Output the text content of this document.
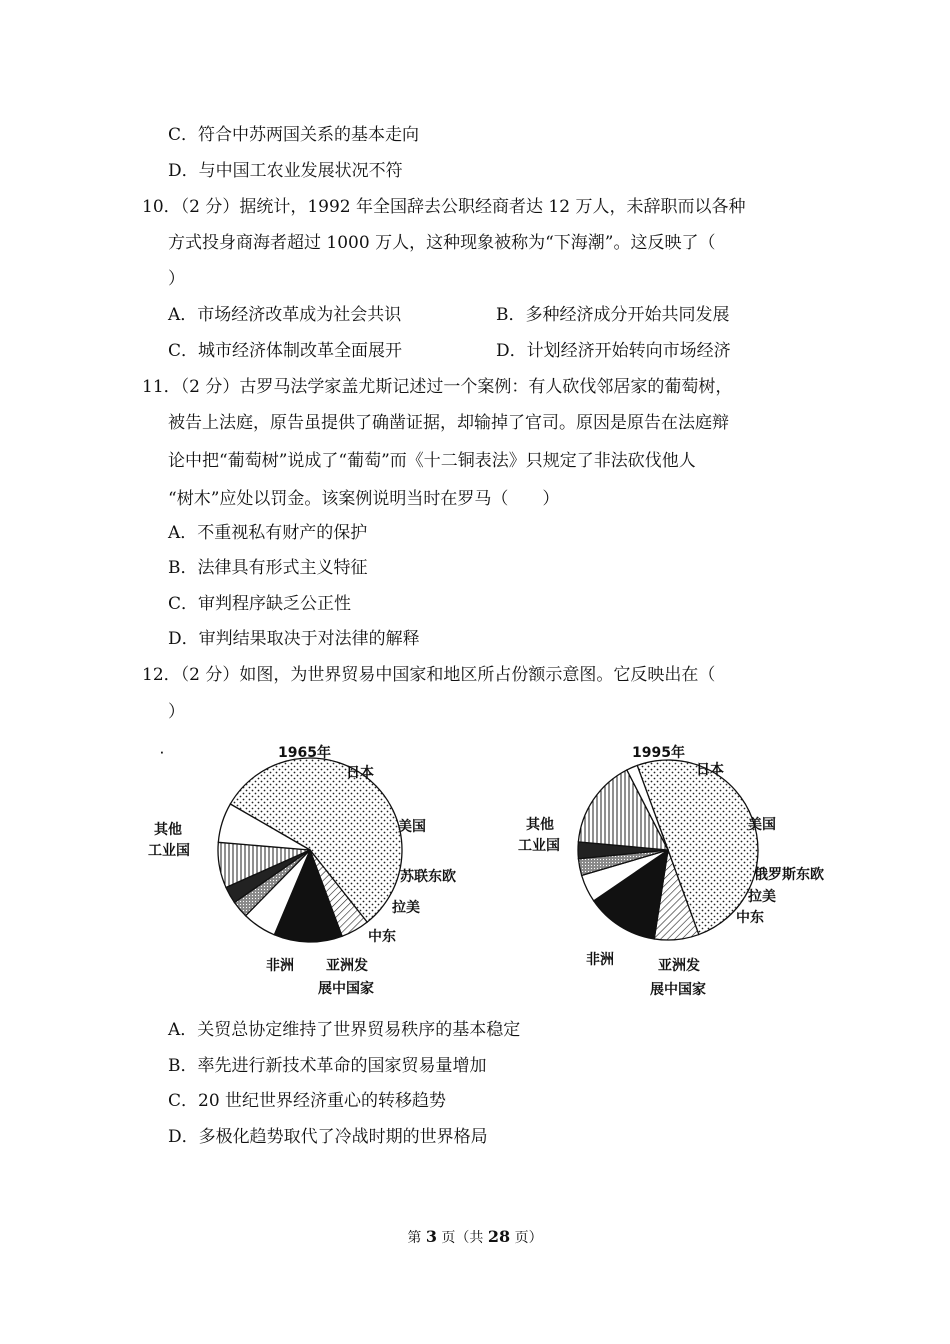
C．符合中苏两国关系的基本走向
D．与中国工农业发展状况不符
10．（2 分）据统计，1992 年全国辞去公职经商者达 12 万人，未辞职而以各种
方式投身商海者超过 1000 万人，这种现象被称为“下海潮”。这反映了（
）
A．市场经济改革成为社会共识	B．多种经济成分开始共同发展
C．城市经济体制改革全面展开	D．计划经济开始转向市场经济
11．（2 分）古罗马法学家盖尤斯记述过一个案例：有人砍伐邻居家的葡萄树，
被告上法庭，原告虽提供了确凿证据，却输掉了官司。原因是原告在法庭辩
论中把“葡萄树”说成了“葡萄”而《十二铜表法》只规定了非法砍伐他人
“树木”应处以罚金。该案例说明当时在罗马（　　）
A．不重视私有财产的保护
B．法律具有形式主义特征
C．审判程序缺乏公正性
D．审判结果取决于对法律的解释
12．（2 分）如图，为世界贸易中国家和地区所占份额示意图。它反映出在（
）
·	1965年
日本
美国
其他
工业国
苏联东欧
拉美
中东
非洲 亚洲发
展中国家
1995年
日本
美国
其他
工业国
俄罗斯东欧
拉美
中东
非洲	亚洲发
展中国家
A．关贸总协定维持了世界贸易秩序的基本稳定
B．率先进行新技术革命的国家贸易量增加
C．20 世纪世界经济重心的转移趋势
D．多极化趋势取代了冷战时期的世界格局
第 3 页（共 28 页）
